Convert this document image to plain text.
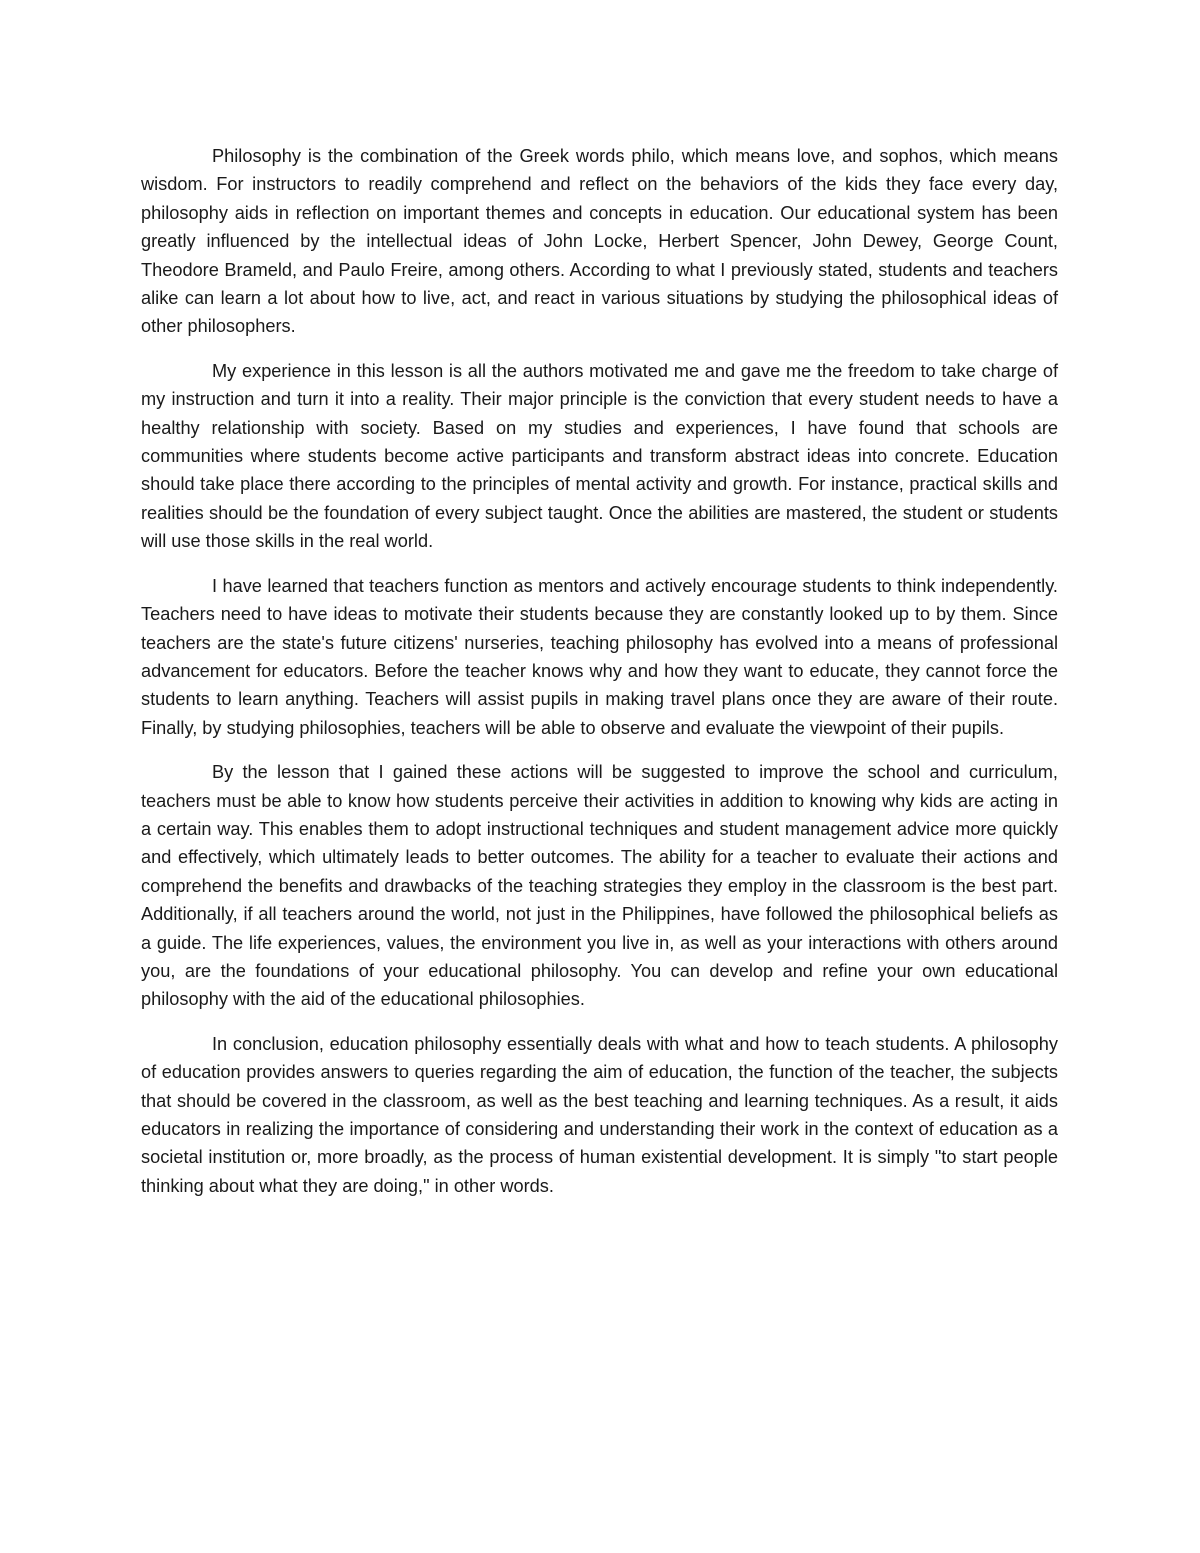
Philosophy is the combination of the Greek words philo, which means love, and sophos, which means wisdom. For instructors to readily comprehend and reflect on the behaviors of the kids they face every day, philosophy aids in reflection on important themes and concepts in education. Our educational system has been greatly influenced by the intellectual ideas of John Locke, Herbert Spencer, John Dewey, George Count, Theodore Brameld, and Paulo Freire, among others. According to what I previously stated, students and teachers alike can learn a lot about how to live, act, and react in various situations by studying the philosophical ideas of other philosophers.

My experience in this lesson is all the authors motivated me and gave me the freedom to take charge of my instruction and turn it into a reality. Their major principle is the conviction that every student needs to have a healthy relationship with society. Based on my studies and experiences, I have found that schools are communities where students become active participants and transform abstract ideas into concrete. Education should take place there according to the principles of mental activity and growth. For instance, practical skills and realities should be the foundation of every subject taught. Once the abilities are mastered, the student or students will use those skills in the real world.

I have learned that teachers function as mentors and actively encourage students to think independently. Teachers need to have ideas to motivate their students because they are constantly looked up to by them. Since teachers are the state's future citizens' nurseries, teaching philosophy has evolved into a means of professional advancement for educators. Before the teacher knows why and how they want to educate, they cannot force the students to learn anything. Teachers will assist pupils in making travel plans once they are aware of their route. Finally, by studying philosophies, teachers will be able to observe and evaluate the viewpoint of their pupils.

By the lesson that I gained these actions will be suggested to improve the school and curriculum, teachers must be able to know how students perceive their activities in addition to knowing why kids are acting in a certain way. This enables them to adopt instructional techniques and student management advice more quickly and effectively, which ultimately leads to better outcomes. The ability for a teacher to evaluate their actions and comprehend the benefits and drawbacks of the teaching strategies they employ in the classroom is the best part. Additionally, if all teachers around the world, not just in the Philippines, have followed the philosophical beliefs as a guide. The life experiences, values, the environment you live in, as well as your interactions with others around you, are the foundations of your educational philosophy. You can develop and refine your own educational philosophy with the aid of the educational philosophies.

In conclusion, education philosophy essentially deals with what and how to teach students. A philosophy of education provides answers to queries regarding the aim of education, the function of the teacher, the subjects that should be covered in the classroom, as well as the best teaching and learning techniques. As a result, it aids educators in realizing the importance of considering and understanding their work in the context of education as a societal institution or, more broadly, as the process of human existential development. It is simply "to start people thinking about what they are doing," in other words.
